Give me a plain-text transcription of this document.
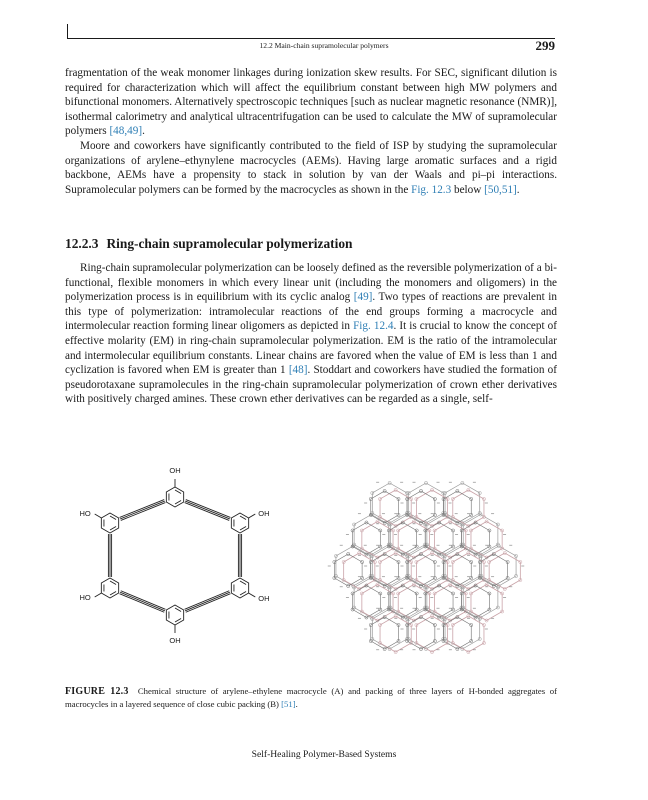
12.2 Main-chain supramolecular polymers	299

fragmentation of the weak monomer linkages during ionization skew results. For SEC, significant dilution is required for characterization which will affect the equilibrium constant between high MW polymers and bifunctional monomers. Alternatively spectroscopic techniques [such as nuclear magnetic resonance (NMR)], isothermal calorimetry and analytical ultracentrifugation can be used to calculate the MW of supramolecular polymers [48,49].

Moore and coworkers have significantly contributed to the field of ISP by studying the supramolecular organizations of arylene–ethynylene macrocycles (AEMs). Having large aromatic surfaces and a rigid backbone, AEMs have a propensity to stack in solution by van der Waals and pi–pi interactions. Supramolecular polymers can be formed by the macrocycles as shown in the Fig. 12.3 below [50,51].

12.2.3 Ring-chain supramolecular polymerization

Ring-chain supramolecular polymerization can be loosely defined as the reversible polymerization of a bi-functional, flexible monomers in which every linear unit (including the monomers and oligomers) in the polymerization process is in equilibrium with its cyclic analog [49]. Two types of reactions are prevalent in this type of polymerization: intramolecular reactions of the end groups forming a macrocycle and intermolecular reaction forming linear oligomers as depicted in Fig. 12.4. It is crucial to know the concept of effective molarity (EM) in ring-chain supramolecular polymerization. EM is the ratio of the intramolecular and intermolecular equilibrium constants. Linear chains are favored when the value of EM is less than 1 and cyclization is favored when EM is greater than 1 [48]. Stoddart and coworkers have studied the formation of pseudorotaxane supramolecules in the ring-chain supramolecular polymerization of crown ether derivatives with positively charged amines. These crown ether derivatives can be regarded as a single, self-

OH
HO	OH
HO
OH
OH
FIGURE 12.3 Chemical structure of arylene–ethylene macrocycle (A) and packing of three layers of H-bonded aggregates of macrocycles in a layered sequence of close cubic packing (B) [51].
Self-Healing Polymer-Based Systems
